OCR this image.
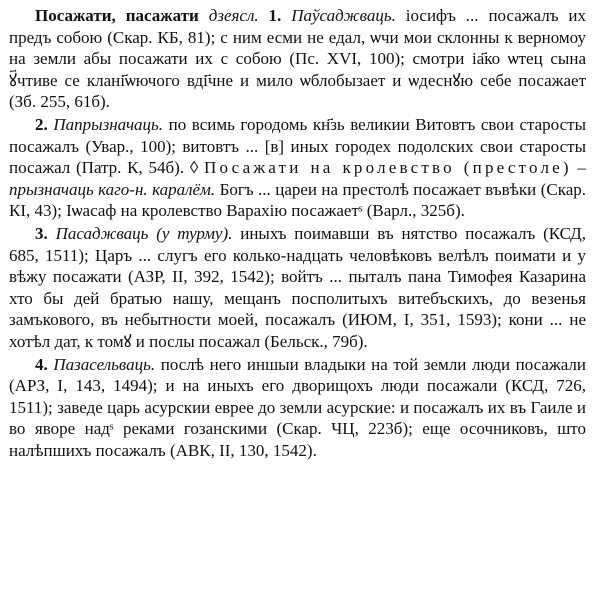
Посажати, пасажати дзеясл. 1. Паўсаджваць. іосифъ ... посажалъ их предъ собою (Скар. КБ, 81); с ним есми не едал, ѡчи мои склонны к верномоу на земли абы посажати их с собою (Пс. XVI, 100); смотри іа҃ко ѡтец сына ꙋ҃чтиве се клані҃ѡючого вді҃чне и мило ѡблобызает и ѡдеснꙋю себе посажает (Зб. 255, 61б).

2. Папрызначаць. по всимь городомь кн҃зь великии Витовтъ свои старосты посажалъ (Увар., 100); витовтъ ... [в] иных городех подолских свои старосты посажал (Патр. К, 54б). ◊ Посажати на кролевство (престоле) – прызначаць каго-н. каралём. Богъ ... цареи на престолѣ посажает въвѣки (Скар. КІ, 43); Іѡасаф на кролевство Варахію посажаетˢ (Варл., 325б).

3. Пасаджваць (у турму). иныхъ поимавши въ нятство посажалъ (КСД, 685, 1511); Царъ ... слугъ его колько-надцать человѣковъ велѣлъ поимати и у вѣжу посажати (АЗР, II, 392, 1542); войтъ ... пыталъ пана Тимофея Казарина хто бы дей братью нашу, мещанъ посполитыхъ витебъскихъ, до везенья замъкового, въ небытности моей, посажалъ (ИЮМ, I, 351, 1593); кони ... не хотѣл дат, к томꙋ и послы посажал (Бельск., 79б).

4. Пазасельваць. послѣ него иншыи владыки на той земли люди посажали (АРЗ, I, 143, 1494); и на иныхъ его дворищохъ люди посажали (КСД, 726, 1511); заведе царь асурскии еврее до земли асурские: и посажалъ их въ Гаиле и во яворе надˢ реками гозанскими (Скар. ЧЦ, 223б); еще осочниковъ, што налѣпшихъ посажалъ (АВК, II, 130, 1542).
